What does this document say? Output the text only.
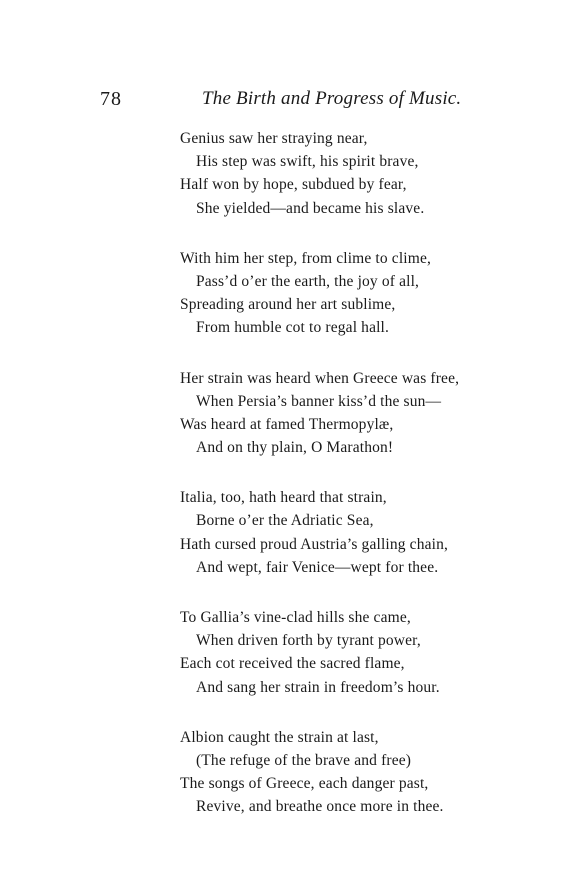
78	The Birth and Progress of Music.
Genius saw her straying near,
His step was swift, his spirit brave,
Half won by hope, subdued by fear,
She yielded—and became his slave.
With him her step, from clime to clime,
Pass’d o’er the earth, the joy of all,
Spreading around her art sublime,
From humble cot to regal hall.
Her strain was heard when Greece was free,
When Persia’s banner kiss’d the sun—
Was heard at famed Thermopylæ,
And on thy plain, O Marathon!
Italia, too, hath heard that strain,
Borne o’er the Adriatic Sea,
Hath cursed proud Austria’s galling chain,
And wept, fair Venice—wept for thee.
To Gallia’s vine-clad hills she came,
When driven forth by tyrant power,
Each cot received the sacred flame,
And sang her strain in freedom’s hour.
Albion caught the strain at last,
(The refuge of the brave and free)
The songs of Greece, each danger past,
Revive, and breathe once more in thee.
